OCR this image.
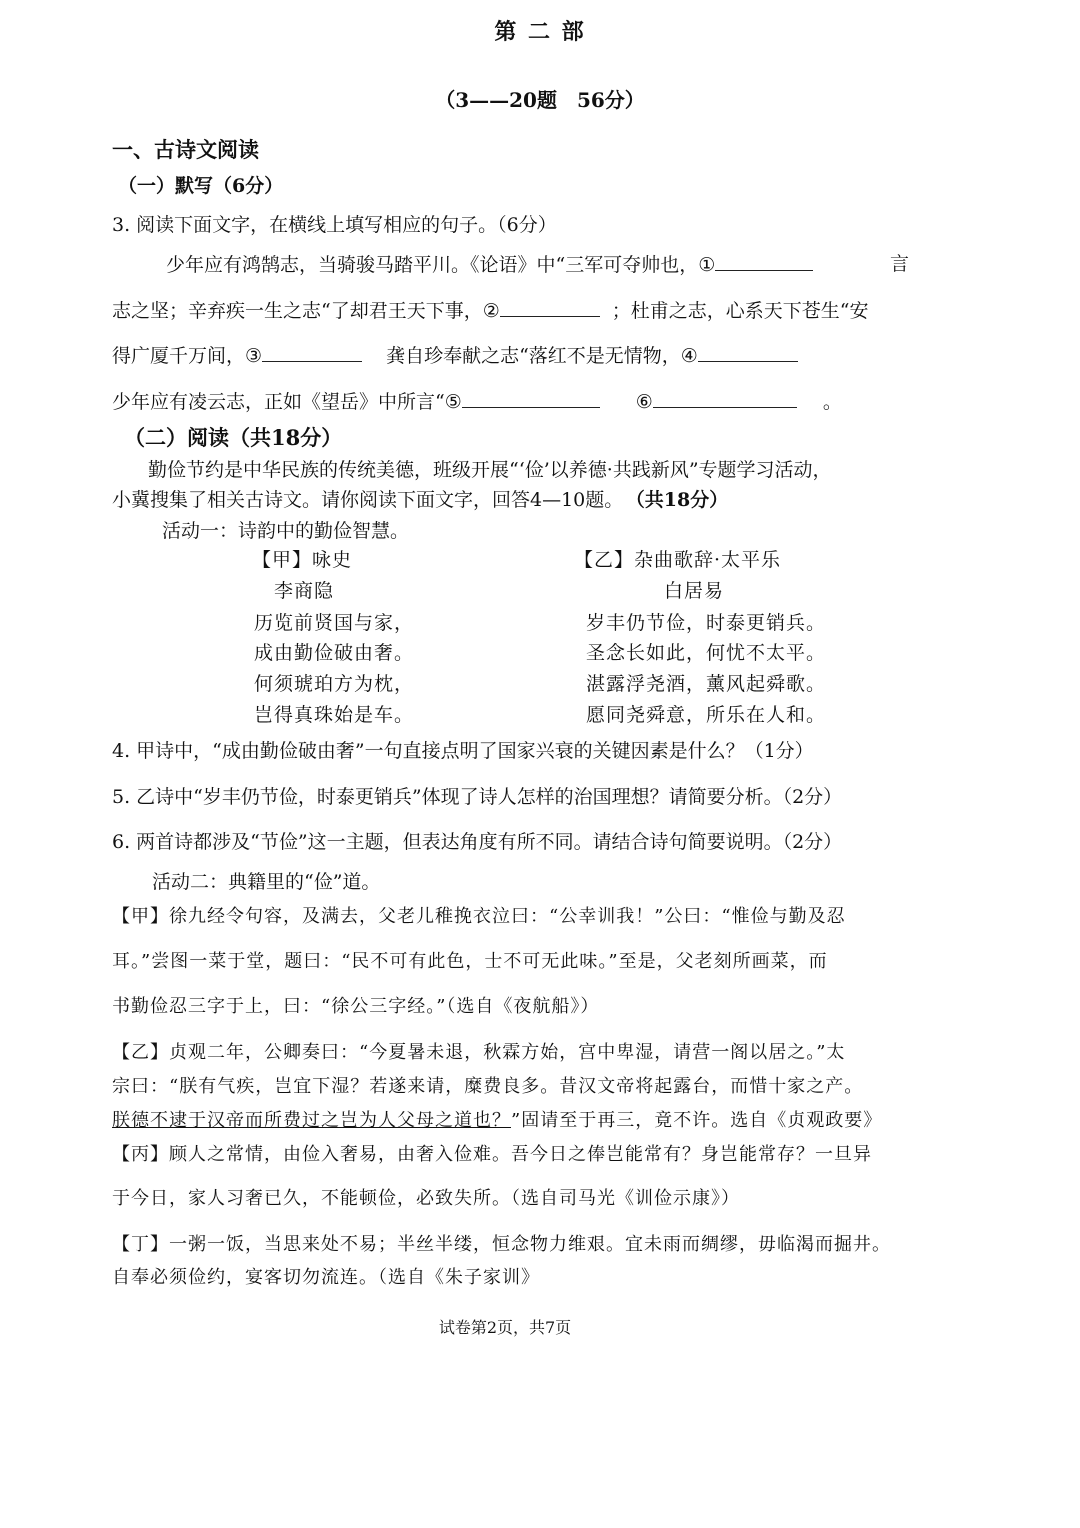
第 二 部
（3——20题　56分）
一、古诗文阅读
（一）默写（6分）
3. 阅读下面文字，在横线上填写相应的句子。（6分）
少年应有鸿鹄志，当骑骏马踏平川。《论语》中“三军可夺帅也，①	言
志之坚；辛弃疾一生之志“了却君王天下事，②	；杜甫之志，心系天下苍生“安
得广厦千万间，③	龚自珍奉献之志“落红不是无情物，④
少年应有凌云志，正如《望岳》中所言“⑤	⑥	。
（二）阅读（共18分）
勤俭节约是中华民族的传统美德，班级开展“‘俭’以养德·共践新风”专题学习活动，
小冀搜集了相关古诗文。请你阅读下面文字，回答4—10题。 （共18分）
活动一：诗韵中的勤俭智慧。
【甲】咏史
李商隐
历览前贤国与家，
成由勤俭破由奢。
何须琥珀方为枕，
岂得真珠始是车。
【乙】杂曲歌辞·太平乐
白居易
岁丰仍节俭，时泰更销兵。
圣念长如此，何忧不太平。
湛露浮尧酒，薰风起舜歌。
愿同尧舜意，所乐在人和。
4. 甲诗中，“成由勤俭破由奢”一句直接点明了国家兴衰的关键因素是什么？（1分）
5. 乙诗中“岁丰仍节俭，时泰更销兵”体现了诗人怎样的治国理想？请简要分析。（2分）
6. 两首诗都涉及“节俭”这一主题，但表达角度有所不同。请结合诗句简要说明。（2分）
活动二：典籍里的“俭”道。
【甲】徐九经令句容，及满去，父老儿稚挽衣泣曰：“公幸训我！”公曰：“惟俭与勤及忍
耳。”尝图一菜于堂，题曰：“民不可有此色，士不可无此味。”至是，父老刻所画菜，而
书勤俭忍三字于上，曰：“徐公三字经。”（选自《夜航船》）
【乙】贞观二年，公卿奏曰：“今夏暑未退，秋霖方始，宫中卑湿，请营一阁以居之。”太
宗曰：“朕有气疾，岂宜下湿？若遂来请，糜费良多。昔汉文帝将起露台，而惜十家之产。
朕德不逮于汉帝而所费过之岂为人父母之道也？”固请至于再三，竟不许。选自《贞观政要》
【丙】顾人之常情，由俭入奢易，由奢入俭难。吾今日之俸岂能常有？身岂能常存？一旦异
于今日，家人习奢已久，不能顿俭，必致失所。（选自司马光《训俭示康》）
【丁】一粥一饭，当思来处不易；半丝半缕，恒念物力维艰。宜未雨而绸缪，毋临渴而掘井。
自奉必须俭约，宴客切勿流连。（选自《朱子家训》
试卷第2页，共7页
